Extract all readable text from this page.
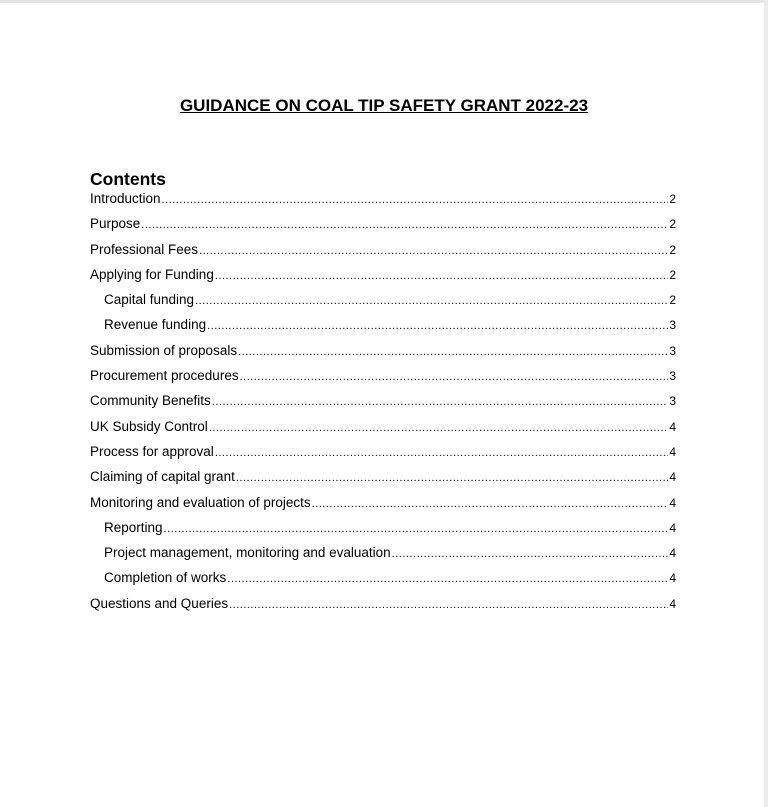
GUIDANCE ON COAL TIP SAFETY GRANT 2022-23
Contents
Introduction .....	2
Purpose .....	2
Professional Fees .....	2
Applying for Funding .....	2
Capital funding .....	2
Revenue funding .....	3
Submission of proposals .....	3
Procurement procedures .....	3
Community Benefits .....	3
UK Subsidy Control .....	4
Process for approval .....	4
Claiming of capital grant .....	4
Monitoring and evaluation of projects .....	4
Reporting .....	4
Project management, monitoring and evaluation .....	4
Completion of works .....	4
Questions and Queries .....	4
